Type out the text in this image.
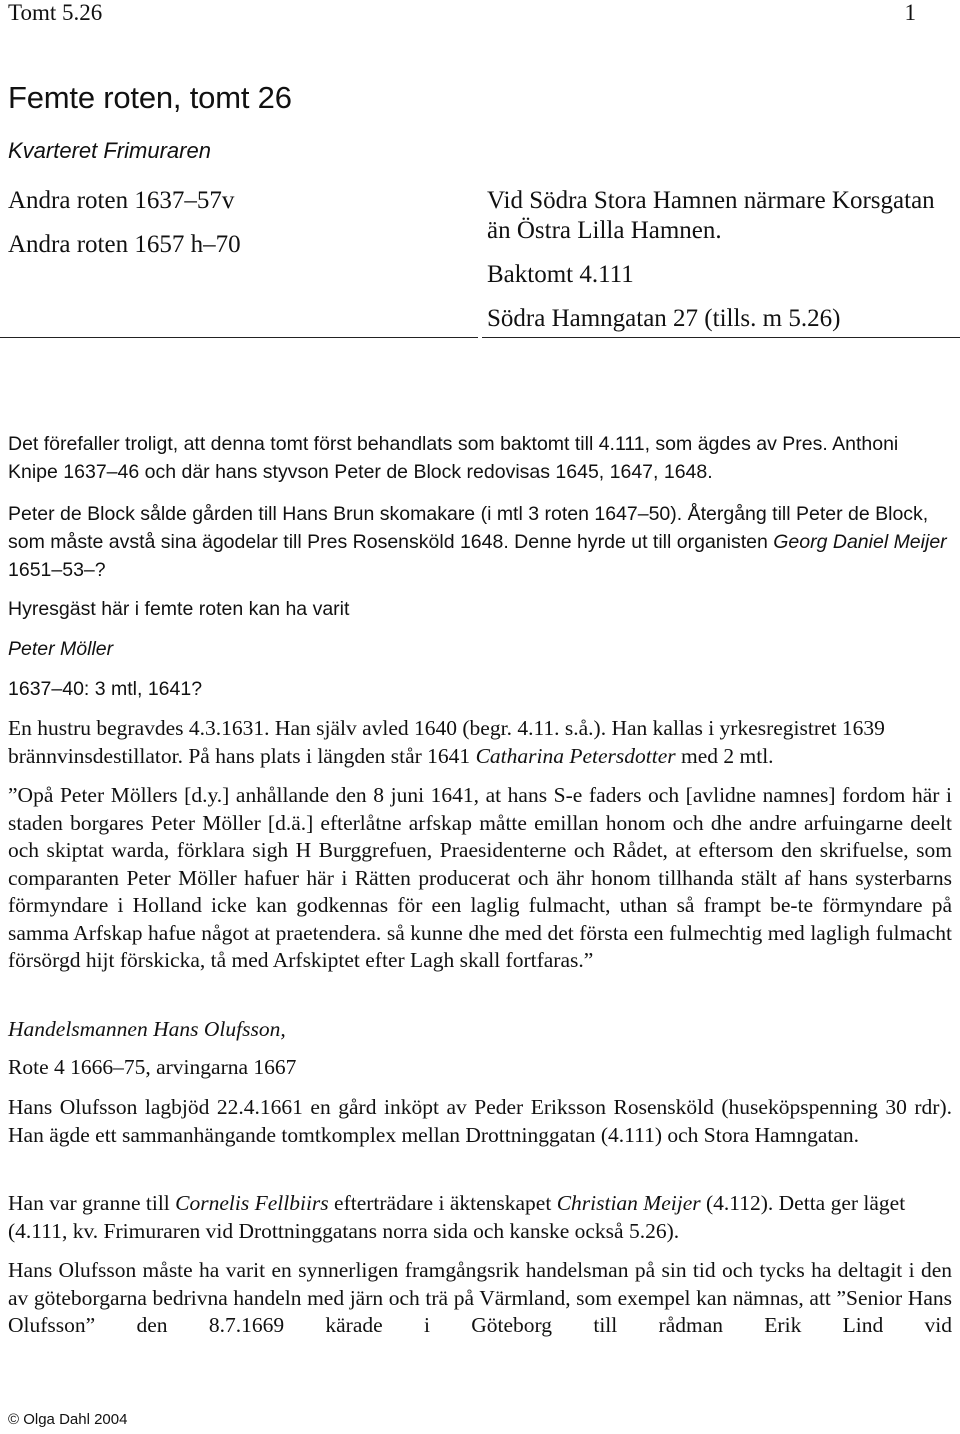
Tomt 5.26	1
Femte roten, tomt 26
Kvarteret Frimuraren
Andra roten 1637–57v
Andra roten 1657 h–70

Vid Södra Stora Hamnen närmare Korsgatan än Östra Lilla Hamnen.

Baktomt 4.111

Södra Hamngatan 27 (tills. m 5.26)

Det förefaller troligt, att denna tomt först behandlats som baktomt till 4.111, som ägdes av Pres. Anthoni Knipe 1637–46 och där hans styvson Peter de Block redovisas 1645, 1647, 1648.
Peter de Block sålde gården till Hans Brun skomakare (i mtl 3 roten 1647–50). Återgång till Peter de Block, som måste avstå sina ägodelar till Pres Rosensköld 1648. Denne hyrde ut till organisten Georg Daniel Meijer 1651–53–?
Hyresgäst här i femte roten kan ha varit
Peter Möller
1637–40: 3 mtl, 1641?
En hustru begravdes 4.3.1631. Han själv avled 1640 (begr. 4.11. s.å.). Han kallas i yrkesregistret 1639 brännvinsdestillator. På hans plats i längden står 1641 Catharina Petersdotter med 2 mtl.
”Opå Peter Möllers [d.y.] anhållande den 8 juni 1641, at hans S-e faders och [avlidne namnes] fordom här i staden borgares Peter Möller [d.ä.] efterlåtne arfskap måtte emillan honom och dhe andre arfuingarne deelt och skiptat warda, förklara sigh H Burggrefuen, Praesidenterne och Rådet, at eftersom den skrifuelse, som comparanten Peter Möller hafuer här i Rätten producerat och ähr honom tillhanda stält af hans systerbarns förmyndare i Holland icke kan godkennas för een laglig fulmacht, uthan så frampt be-te förmyndare på samma Arfskap hafue något at praetendera. så kunne dhe med det första een fulmechtig med lagligh fulmacht försörgd hijt förskicka, tå med Arfskiptet efter Lagh skall fortfaras.”
Handelsmannen Hans Olufsson,
Rote 4 1666–75, arvingarna 1667
Hans Olufsson lagbjöd 22.4.1661 en gård inköpt av Peder Eriksson Rosensköld (huseköpspenning 30 rdr). Han ägde ett sammanhängande tomtkomplex mellan Drottninggatan (4.111) och Stora Hamngatan.
Han var granne till Cornelis Fellbiirs efterträdare i äktenskapet Christian Meijer (4.112). Detta ger läget (4.111, kv. Frimuraren vid Drottninggatans norra sida och kanske också 5.26).
Hans Olufsson måste ha varit en synnerligen framgångsrik handelsman på sin tid och tycks ha deltagit i den av göteborgarna bedrivna handeln med järn och trä på Värmland, som exempel kan nämnas, att ”Senior Hans Olufsson” den 8.7.1669 kärade i Göteborg till rådman Erik Lind vid
© Olga Dahl 2004
